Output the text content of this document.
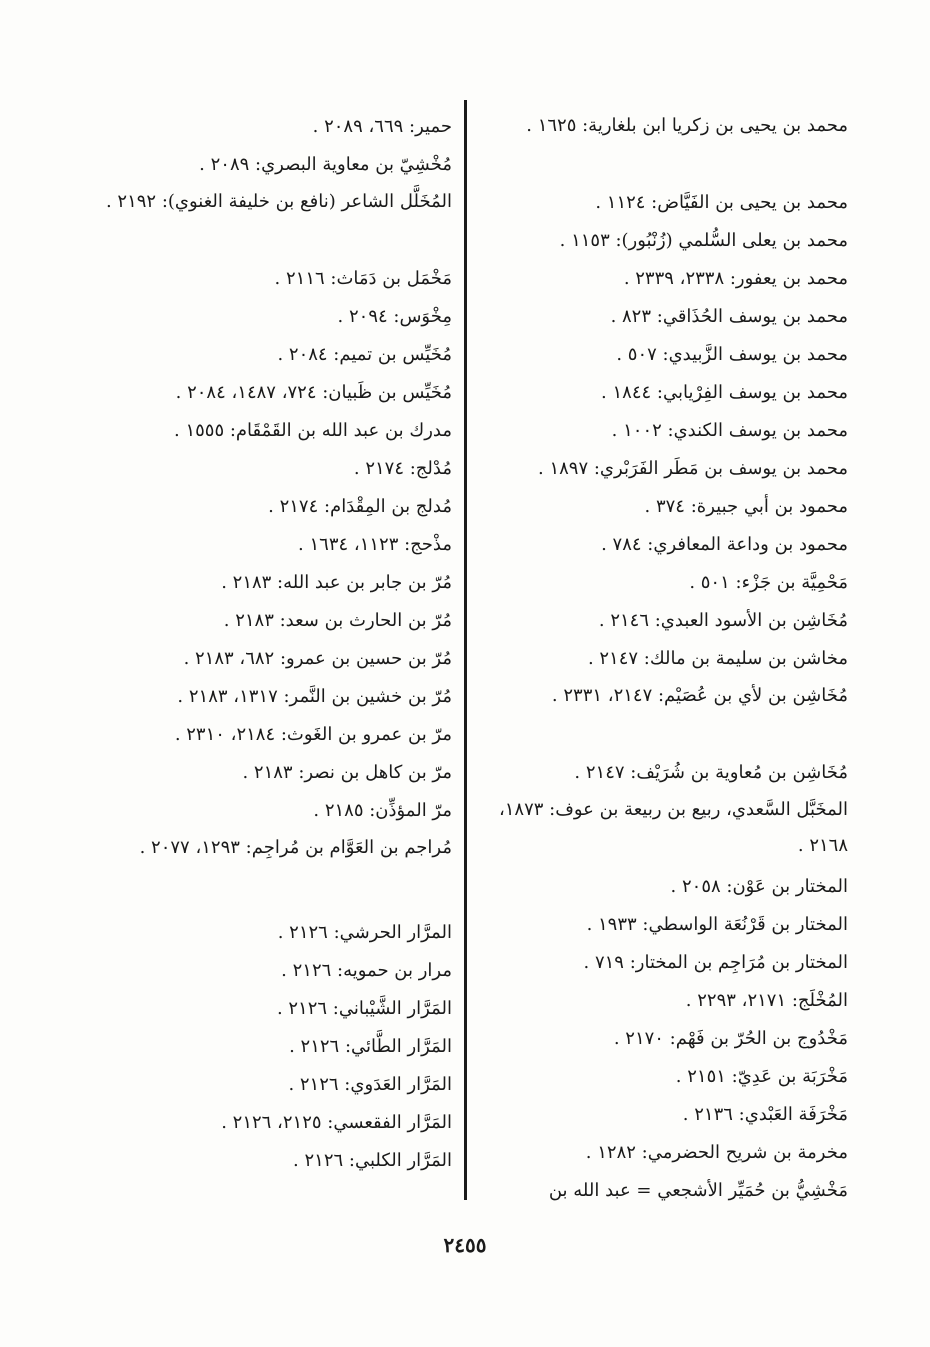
محمد بن يحيى بن زكريا ابن بلغارية: ١٦٢٥ .
محمد بن يحيى بن الفَيَّاض: ١١٢٤ .
محمد بن يعلى السُّلمي (زُنْبُور): ١١٥٣ .
محمد بن يعفور: ٢٣٣٨، ٢٣٣٩ .
محمد بن يوسف الحُذَاقي: ٨٢٣ .
محمد بن يوسف الزَّبيدي: ٥٠٧ .
محمد بن يوسف الفِرْيابي: ١٨٤٤ .
محمد بن يوسف الكندي: ١٠٠٢ .
محمد بن يوسف بن مَطَر الفَرَبْري: ١٨٩٧ .
محمود بن أبي جبيرة: ٣٧٤ .
محمود بن وداعة المعافري: ٧٨٤ .
مَحْمِيَّة بن جَزْء: ٥٠١ .
مُخَاشِن بن الأسود العبدي: ٢١٤٦ .
مخاشن بن سليمة بن مالك: ٢١٤٧ .
مُخَاشِن بن لأي بن عُصَيْم: ٢١٤٧، ٢٣٣١ .
مُخَاشِن بن مُعاوية بن شُرَيْف: ٢١٤٧ .
المخَبَّل السَّعدي، ربيع بن ربيعة بن عوف: ١٨٧٣، ٢١٦٨ .
المختار بن عَوْن: ٢٠٥٨ .
المختار بن قَرْنُعَة الواسطي: ١٩٣٣ .
المختار بن مُرَاجِم بن المختار: ٧١٩ .
المُخْلَج: ٢١٧١، ٢٢٩٣ .
مَخْدُوج بن الحُرّ بن فَهْم: ٢١٧٠ .
مَخْرَبَة بن عَدِيّ: ٢١٥١ .
مَخْرَفَة العَبْدي: ٢١٣٦ .
مخرمة بن شريح الحضرمي: ١٢٨٢ .
مَخْشِيُّ بن حُمَيِّر الأشجعي = عبد الله بن
حمير: ٦٦٩، ٢٠٨٩ .
مُخْشِيّ بن معاوية البصري: ٢٠٨٩ .
المُخَلَّل الشاعر (نافع بن خليفة الغنوي): ٢١٩٢ .
مَخْمَل بن دَمَاث: ٢١١٦ .
مِخْوَس: ٢٠٩٤ .
مُخَيِّس بن تميم: ٢٠٨٤ .
مُخَيِّس بن ظَبيان: ٧٢٤، ١٤٨٧، ٢٠٨٤ .
مدرك بن عبد الله بن القَمْقَام: ١٥٥٥ .
مُدْلج: ٢١٧٤ .
مُدلج بن المِقْدَام: ٢١٧٤ .
مذْحج: ١١٢٣، ١٦٣٤ .
مُرّ بن جابر بن عبد الله: ٢١٨٣ .
مُرّ بن الحارث بن سعد: ٢١٨٣ .
مُرّ بن حسين بن عمرو: ٦٨٢، ٢١٨٣ .
مُرّ بن خشين بن النَّمر: ١٣١٧، ٢١٨٣ .
مرّ بن عمرو بن الغَوث: ٢١٨٤، ٢٣١٠ .
مرّ بن كاهل بن نصر: ٢١٨٣ .
مرّ المؤذِّن: ٢١٨٥ .
مُراجم بن العَوَّام بن مُراجِم: ١٢٩٣، ٢٠٧٧ .
المرَّار الحرشي: ٢١٢٦ .
مرار بن حمويه: ٢١٢٦ .
المَرَّار الشَّيْباني: ٢١٢٦ .
المَرَّار الطَّائي: ٢١٢٦ .
المَرَّار العَدَوي: ٢١٢٦ .
المَرَّار الفقعسي: ٢١٢٥، ٢١٢٦ .
المَرَّار الكلبي: ٢١٢٦ .
٢٤٥٥
